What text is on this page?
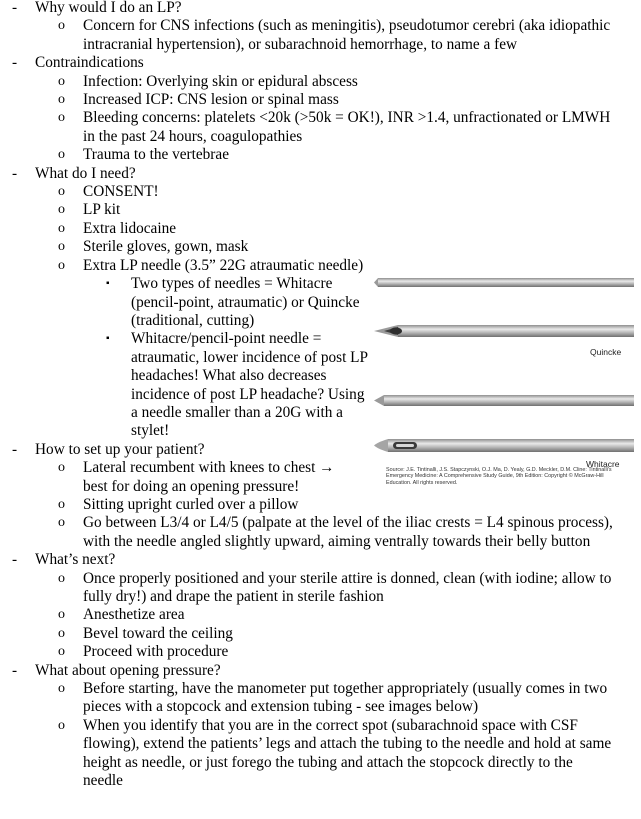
- Why would I do an LP?
o Concern for CNS infections (such as meningitis), pseudotumor cerebri (aka idiopathic intracranial hypertension), or subarachnoid hemorrhage, to name a few
- Contraindications
o Infection: Overlying skin or epidural abscess
o Increased ICP: CNS lesion or spinal mass
o Bleeding concerns: platelets <20k (>50k = OK!), INR >1.4, unfractionated or LMWH in the past 24 hours, coagulopathies
o Trauma to the vertebrae
- What do I need?
o CONSENT!
o LP kit
o Extra lidocaine
o Sterile gloves, gown, mask
o Extra LP needle (3.5” 22G atraumatic needle)
▪ Two types of needles = Whitacre (pencil-point, atraumatic) or Quincke (traditional, cutting)
▪ Whitacre/pencil-point needle = atraumatic, lower incidence of post LP headaches! What also decreases incidence of post LP headache? Using a needle smaller than a 20G with a stylet!
- How to set up your patient?
o Lateral recumbent with knees to chest → best for doing an opening pressure!
o Sitting upright curled over a pillow
o Go between L3/4 or L4/5 (palpate at the level of the iliac crests = L4 spinous process), with the needle angled slightly upward, aiming ventrally towards their belly button
- What’s next?
o Once properly positioned and your sterile attire is donned, clean (with iodine; allow to fully dry!) and drape the patient in sterile fashion
o Anesthetize area
o Bevel toward the ceiling
o Proceed with procedure
- What about opening pressure?
o Before starting, have the manometer put together appropriately (usually comes in two pieces with a stopcock and extension tubing - see images below)
o When you identify that you are in the correct spot (subarachnoid space with CSF flowing), extend the patients’ legs and attach the tubing to the needle and hold at same height as needle, or just forego the tubing and attach the stopcock directly to the needle
Quincke
Whitacre
Source: J.E. Tintinalli, J.S. Stapczynski, O.J. Ma, D. Yealy, G.D. Meckler, D.M. Cline: Tintinalli's Emergency Medicine: A Comprehensive Study Guide, 9th Edition: Copyright © McGraw-Hill Education. All rights reserved.
